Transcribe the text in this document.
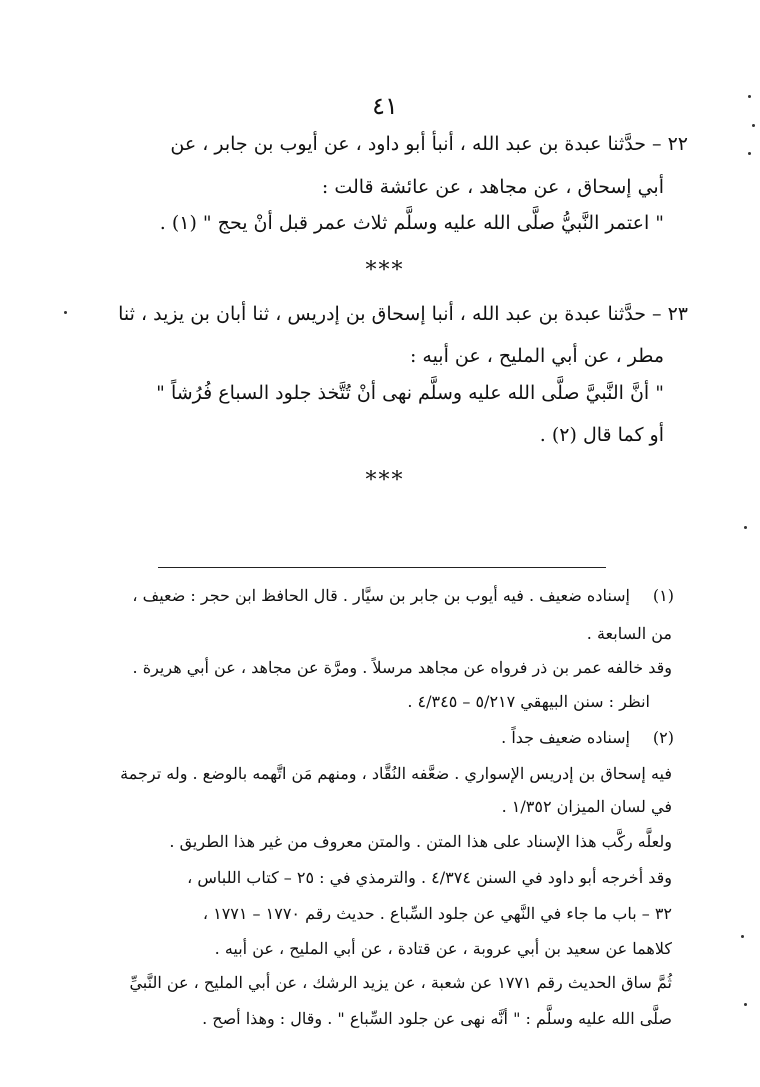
٤١
٢٢ – حدَّثنا عبدة بن عبد الله ، أنبأ أبو داود ، عن أيوب بن جابر ، عن
أبي إسحاق ، عن مجاهد ، عن عائشة قالت :
" اعتمر النَّبيُّ صلَّى الله عليه وسلَّم ثلاث عمر قبل أنْ يحج " (١) .
***
٢٣ – حدَّثنا عبدة بن عبد الله ، أنبا إسحاق بن إدريس ، ثنا أبان بن يزيد ، ثنا
مطر ، عن أبي المليح ، عن أبيه :
" أنَّ النَّبيَّ صلَّى الله عليه وسلَّم نهى أنْ تُتَّخذ جلود السباع فُرُشاً "
أو كما قال (٢) .
***
(١)
إسناده ضعيف . فيه أيوب بن جابر بن سيَّار . قال الحافظ ابن حجر : ضعيف ،
من السابعة .
وقد خالفه عمر بن ذر فرواه عن مجاهد مرسلاً . ومرَّة عن مجاهد ، عن أبي هريرة .
انظر : سنن البيهقي ٥/٢١٧ – ٤/٣٤٥ .
(٢)
إسناده ضعيف جداً .
فيه إسحاق بن إدريس الإسواري . ضعَّفه النُقَّاد ، ومنهم مَن اتَّهمه بالوضع . وله ترجمة
في لسان الميزان ١/٣٥٢ .
ولعلَّه ركَّب هذا الإسناد على هذا المتن . والمتن معروف من غير هذا الطريق .
وقد أخرجه أبو داود في السنن ٤/٣٧٤ . والترمذي في : ٢٥ – كتاب اللباس ،
٣٢ – باب ما جاء في النَّهي عن جلود السِّباع . حديث رقم ١٧٧٠ – ١٧٧١ ،
كلاهما عن سعيد بن أبي عروبة ، عن قتادة ، عن أبي المليح ، عن أبيه .
ثُمَّ ساق الحديث رقم ١٧٧١ عن شعبة ، عن يزيد الرشك ، عن أبي المليح ، عن النَّبيِّ
صلَّى الله عليه وسلَّم : " أنَّه نهى عن جلود السِّباع " . وقال : وهذا أصح .
